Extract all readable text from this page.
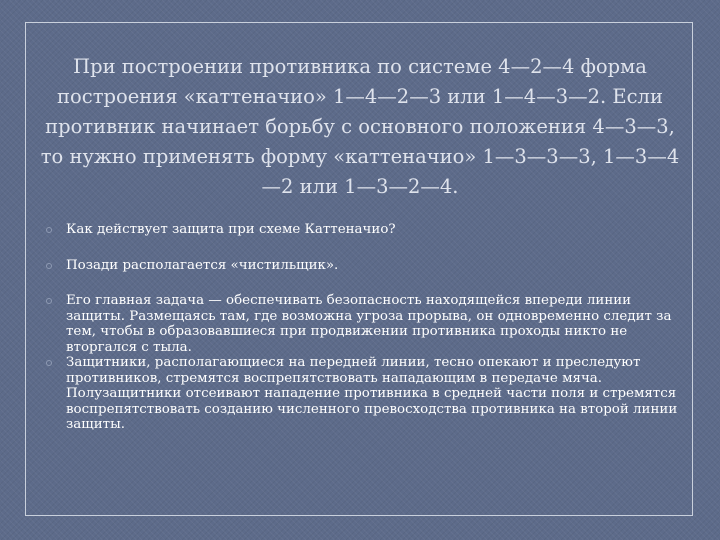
При построении противника по системе 4—2—4 форма построения «каттеначио» 1—4—2—3 или 1—4—3—2. Если противник начинает борьбу с основного положения 4—3—3, то нужно применять форму «каттеначио» 1—3—3—3, 1—3—4—2 или 1—3—2—4.
Как действует защита при схеме Каттеначио?
Позади располагается «чистильщик».
Его главная задача — обеспечивать безопасность находящейся впереди линии защиты. Размещаясь там, где возможна угроза прорыва, он одновременно следит за тем, чтобы в образовавшиеся при продвижении противника проходы никто не вторгался с тыла.
Защитники, располагающиеся на передней линии, тесно опекают и преследуют противников, стремятся воспрепятствовать нападающим в передаче мяча. Полузащитники отсеивают нападение противника в средней части поля и стремятся воспрепятствовать созданию численного превосходства противника на второй линии защиты.
